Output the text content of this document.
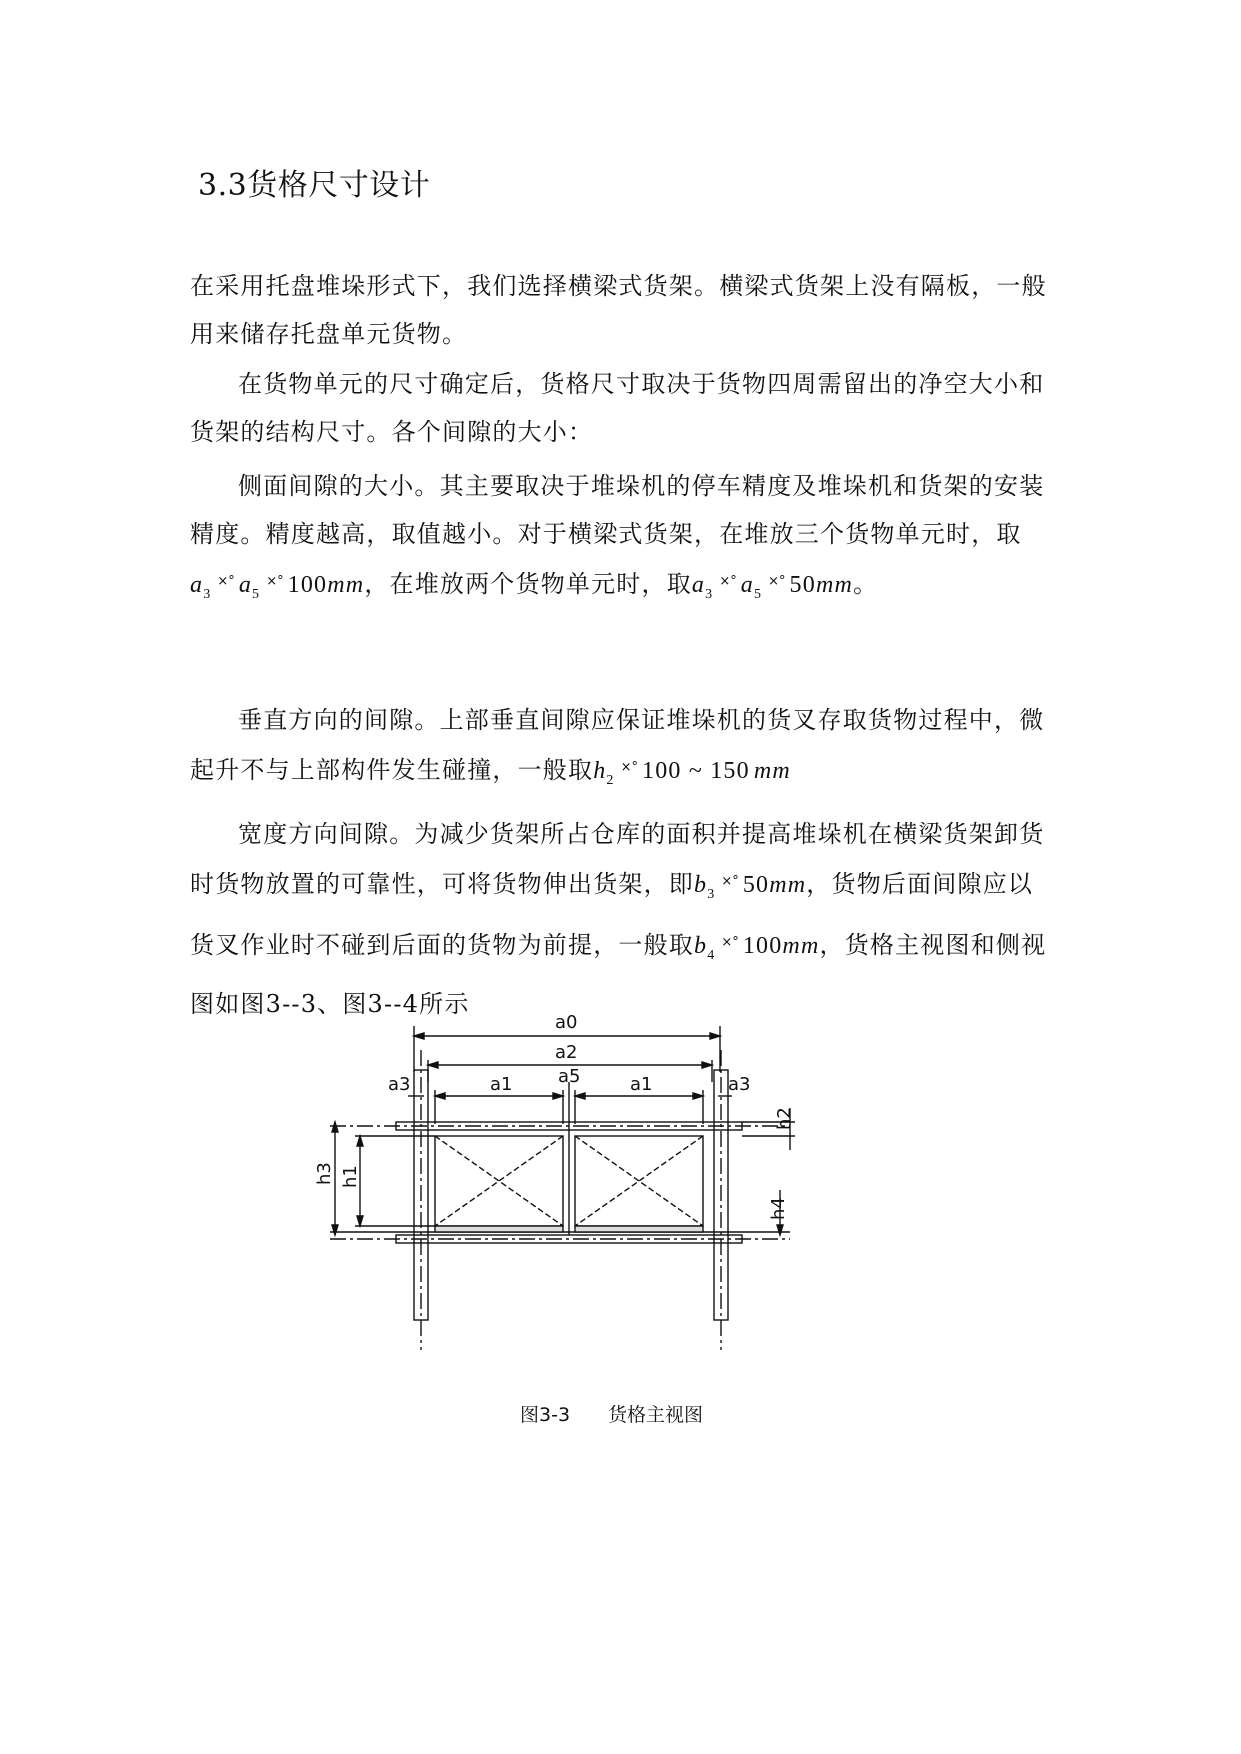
3.3货格尺寸设计

在采用托盘堆垛形式下，我们选择横梁式货架。横梁式货架上没有隔板，一般用来储存托盘单元货物。

在货物单元的尺寸确定后，货格尺寸取决于货物四周需留出的净空大小和货架的结构尺寸。各个间隙的大小：

侧面间隙的大小。其主要取决于堆垛机的停车精度及堆垛机和货架的安装精度。精度越高，取值越小。对于横梁式货架，在堆放三个货物单元时，取$a_3^{\times^\circ}$ $a_5^{\times^\circ}$ 100mm，在堆放两个货物单元时，取$a_3^{\times^\circ}$ $a_5^{\times^\circ}$ 50mm。

垂直方向的间隙。上部垂直间隙应保证堆垛机的货叉存取货物过程中，微起升不与上部构件发生碰撞，一般取$h_2^{\times^\circ}$ 100 ~ 150 mm

宽度方向间隙。为减少货架所占仓库的面积并提高堆垛机在横梁货架卸货时货物放置的可靠性，可将货物伸出货架，即$b_3^{\times^\circ}$ 50mm，货物后面间隙应以货叉作业时不碰到后面的货物为前提，一般取$b_4^{\times^\circ}$ 100mm，货格主视图和侧视图如图3--3、图3--4所示

a0
a2
a3	a1	a5	a1	a3
h3 h1
h2
h4
图3-3 货格主视图
